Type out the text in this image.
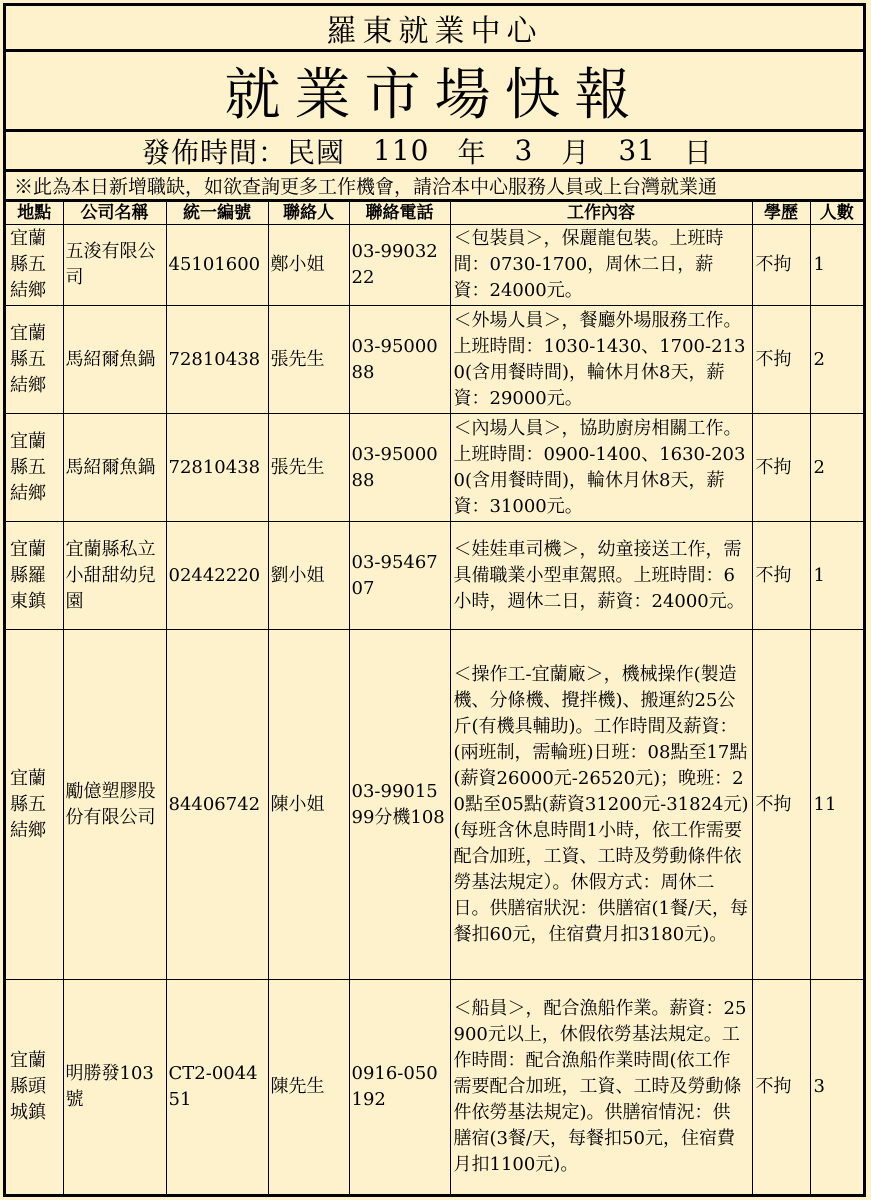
羅東就業中心
就業市場快報
發佈時間：民國 110 年 3 月 31 日
※此為本日新增職缺，如欲查詢更多工作機會，請洽本中心服務人員或上台灣就業通
地點	公司名稱	統一編號	聯絡人	聯絡電話	工作內容	學歷	人數
宜蘭縣五結鄉	五浚有限公司	45101600	鄭小姐	03-9903222	＜包裝員＞，保麗龍包裝。上班時間：0730-1700，周休二日，薪資：24000元。	不拘	1
宜蘭縣五結鄉	馬紹爾魚鍋	72810438	張先生	03-9500088	＜外場人員＞，餐廳外場服務工作。上班時間：1030-1430、1700-2130(含用餐時間)，輪休月休8天，薪資：29000元。	不拘	2
宜蘭縣五結鄉	馬紹爾魚鍋	72810438	張先生	03-9500088	＜內場人員＞，協助廚房相關工作。上班時間：0900-1400、1630-2030(含用餐時間)，輪休月休8天，薪資：31000元。	不拘	2
宜蘭縣羅東鎮	宜蘭縣私立小甜甜幼兒園	02442220	劉小姐	03-9546707	＜娃娃車司機＞，幼童接送工作，需具備職業小型車駕照。上班時間：6小時，週休二日，薪資：24000元。	不拘	1
宜蘭縣五結鄉	勵億塑膠股份有限公司	84406742	陳小姐	03-9901599分機108	＜操作工-宜蘭廠＞，機械操作(製造機、分條機、攪拌機)、搬運約25公斤(有機具輔助)。工作時間及薪資：(兩班制，需輪班)日班：08點至17點(薪資26000元-26520元)；晚班：20點至05點(薪資31200元-31824元)(每班含休息時間1小時，依工作需要配合加班，工資、工時及勞動條件依勞基法規定）。休假方式：周休二日。供膳宿狀況：供膳宿(1餐/天，每餐扣60元，住宿費月扣3180元)。	不拘	11
宜蘭縣頭城鎮	明勝發103號	CT2-004451	陳先生	0916-050192	＜船員＞，配合漁船作業。薪資：25900元以上，休假依勞基法規定。工作時間：配合漁船作業時間(依工作需要配合加班，工資、工時及勞動條件依勞基法規定)。供膳宿情況：供膳宿(3餐/天，每餐扣50元，住宿費月扣1100元)。	不拘	3
